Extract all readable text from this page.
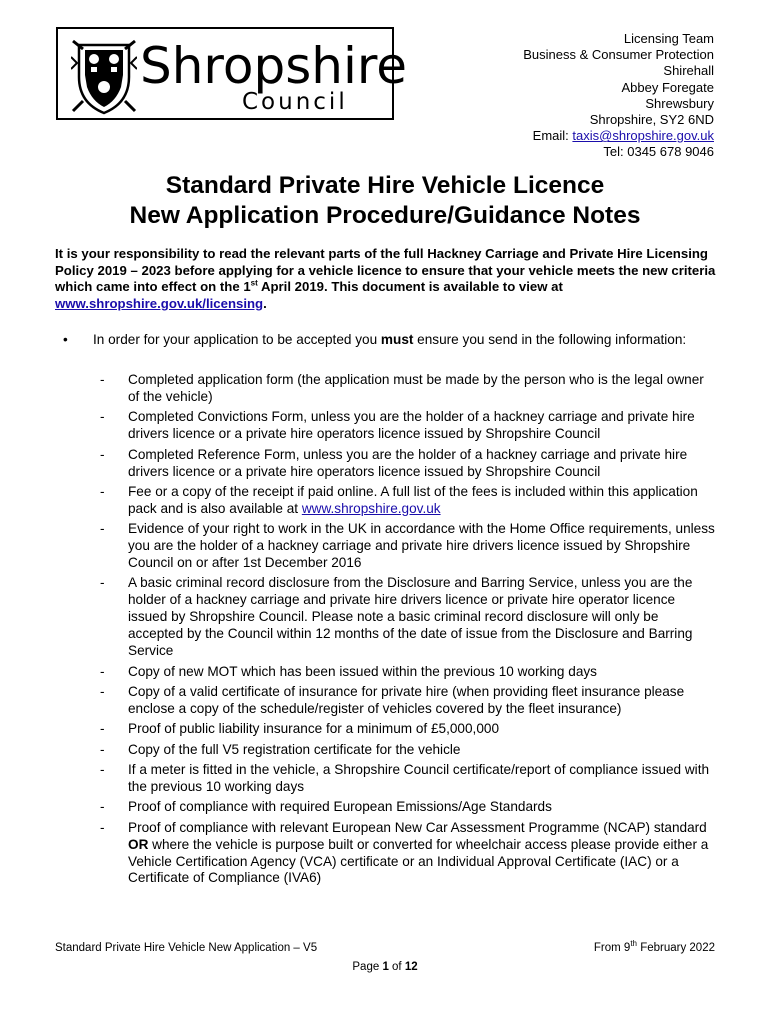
Shropshire
Council
Licensing Team
Business & Consumer Protection
Shirehall
Abbey Foregate
Shrewsbury
Shropshire, SY2 6ND
Email: taxis@shropshire.gov.uk
Tel: 0345 678 9046
Standard Private Hire Vehicle Licence
New Application Procedure/Guidance Notes
It is your responsibility to read the relevant parts of the full Hackney Carriage and Private Hire Licensing Policy 2019 – 2023 before applying for a vehicle licence to ensure that your vehicle meets the new criteria which came into effect on the 1st April 2019. This document is available to view at www.shropshire.gov.uk/licensing.
• In order for your application to be accepted you must ensure you send in the following information:
- Completed application form (the application must be made by the person who is the legal owner of the vehicle)
- Completed Convictions Form, unless you are the holder of a hackney carriage and private hire drivers licence or a private hire operators licence issued by Shropshire Council
- Completed Reference Form, unless you are the holder of a hackney carriage and private hire drivers licence or a private hire operators licence issued by Shropshire Council
- Fee or a copy of the receipt if paid online. A full list of the fees is included within this application pack and is also available at www.shropshire.gov.uk
- Evidence of your right to work in the UK in accordance with the Home Office requirements, unless you are the holder of a hackney carriage and private hire drivers licence issued by Shropshire Council on or after 1st December 2016
- A basic criminal record disclosure from the Disclosure and Barring Service, unless you are the holder of a hackney carriage and private hire drivers licence or private hire operator licence issued by Shropshire Council. Please note a basic criminal record disclosure will only be accepted by the Council within 12 months of the date of issue from the Disclosure and Barring Service
- Copy of new MOT which has been issued within the previous 10 working days
- Copy of a valid certificate of insurance for private hire (when providing fleet insurance please enclose a copy of the schedule/register of vehicles covered by the fleet insurance)
- Proof of public liability insurance for a minimum of £5,000,000
- Copy of the full V5 registration certificate for the vehicle
- If a meter is fitted in the vehicle, a Shropshire Council certificate/report of compliance issued with the previous 10 working days
- Proof of compliance with required European Emissions/Age Standards
- Proof of compliance with relevant European New Car Assessment Programme (NCAP) standard OR where the vehicle is purpose built or converted for wheelchair access please provide either a Vehicle Certification Agency (VCA) certificate or an Individual Approval Certificate (IAC) or a Certificate of Compliance (IVA6)
Standard Private Hire Vehicle New Application – V5	From 9th February 2022
Page 1 of 12
